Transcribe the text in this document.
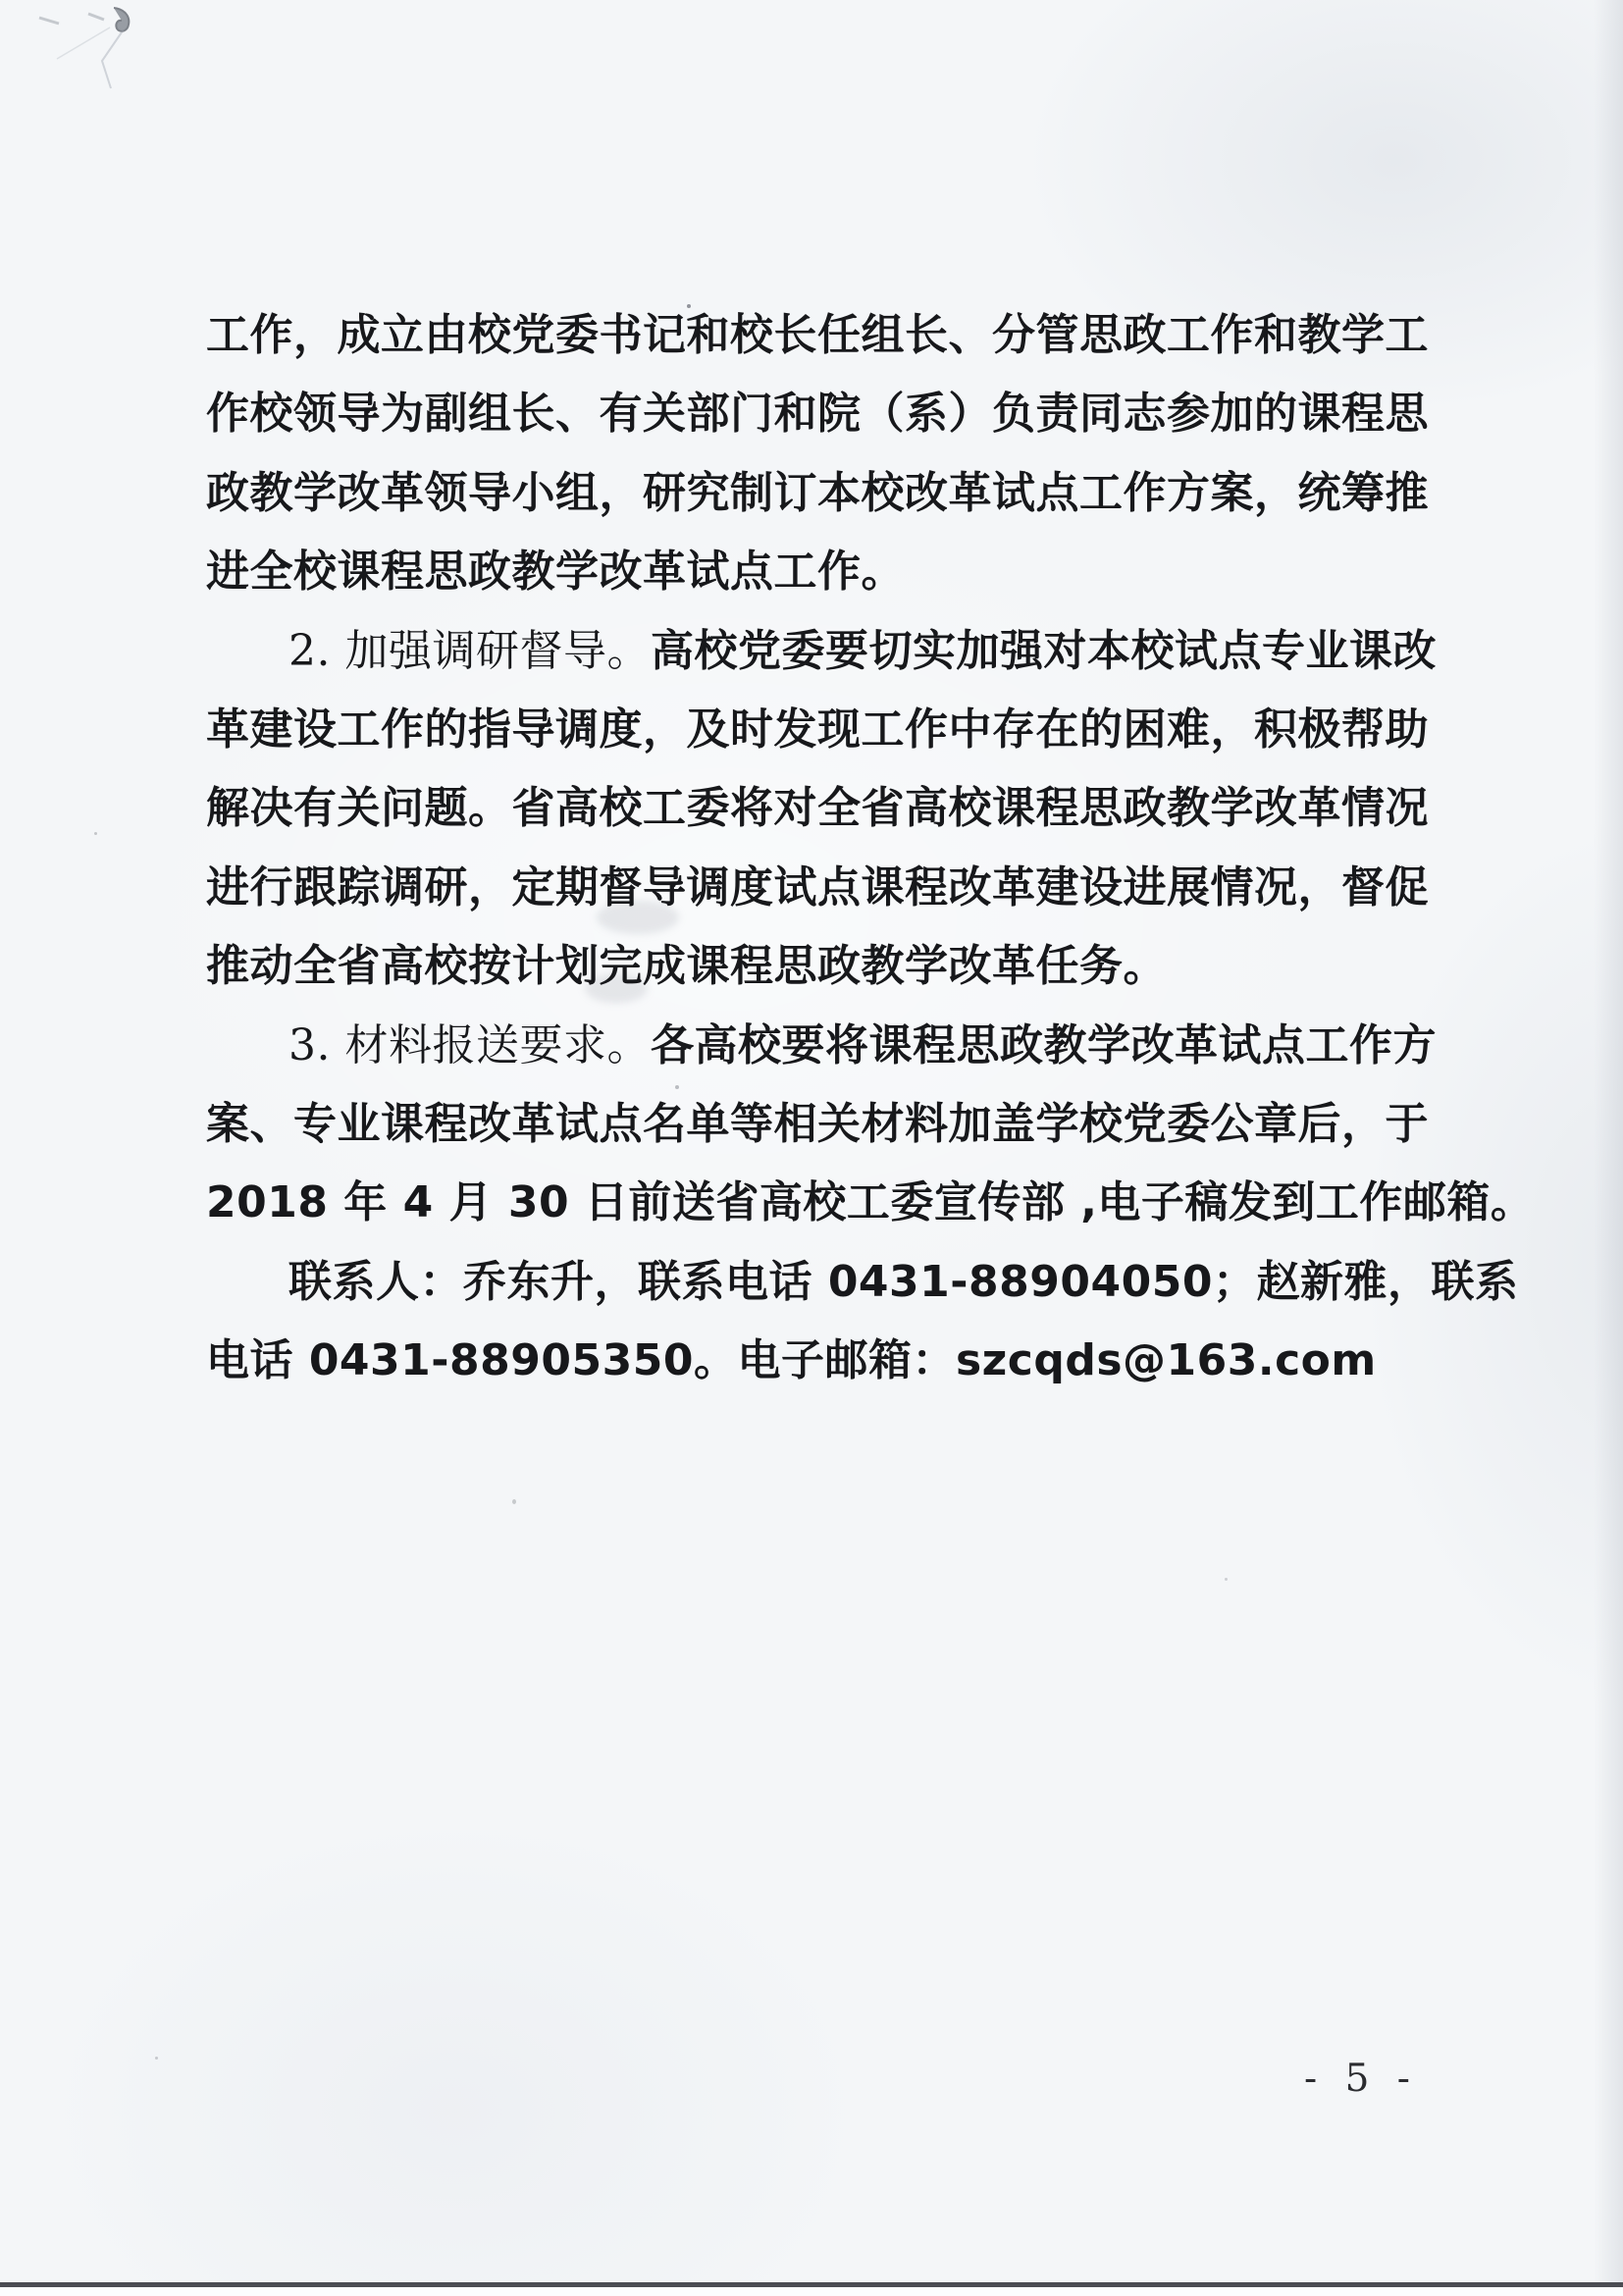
工作，成立由校党委书记和校长任组长、分管思政工作和教学工
作校领导为副组长、有关部门和院（系）负责同志参加的课程思
政教学改革领导小组，研究制订本校改革试点工作方案，统筹推
进全校课程思政教学改革试点工作。
2. 加强调研督导。高校党委要切实加强对本校试点专业课改
革建设工作的指导调度，及时发现工作中存在的困难，积极帮助
解决有关问题。省高校工委将对全省高校课程思政教学改革情况
进行跟踪调研，定期督导调度试点课程改革建设进展情况，督促
推动全省高校按计划完成课程思政教学改革任务。
3. 材料报送要求。各高校要将课程思政教学改革试点工作方
案、专业课程改革试点名单等相关材料加盖学校党委公章后，于
2018 年 4 月 30 日前送省高校工委宣传部 ,电子稿发到工作邮箱。
联系人：乔东升，联系电话 0431-88904050；赵新雅，联系
电话 0431-88905350。电子邮箱：szcqds@163.com
- 5 -
